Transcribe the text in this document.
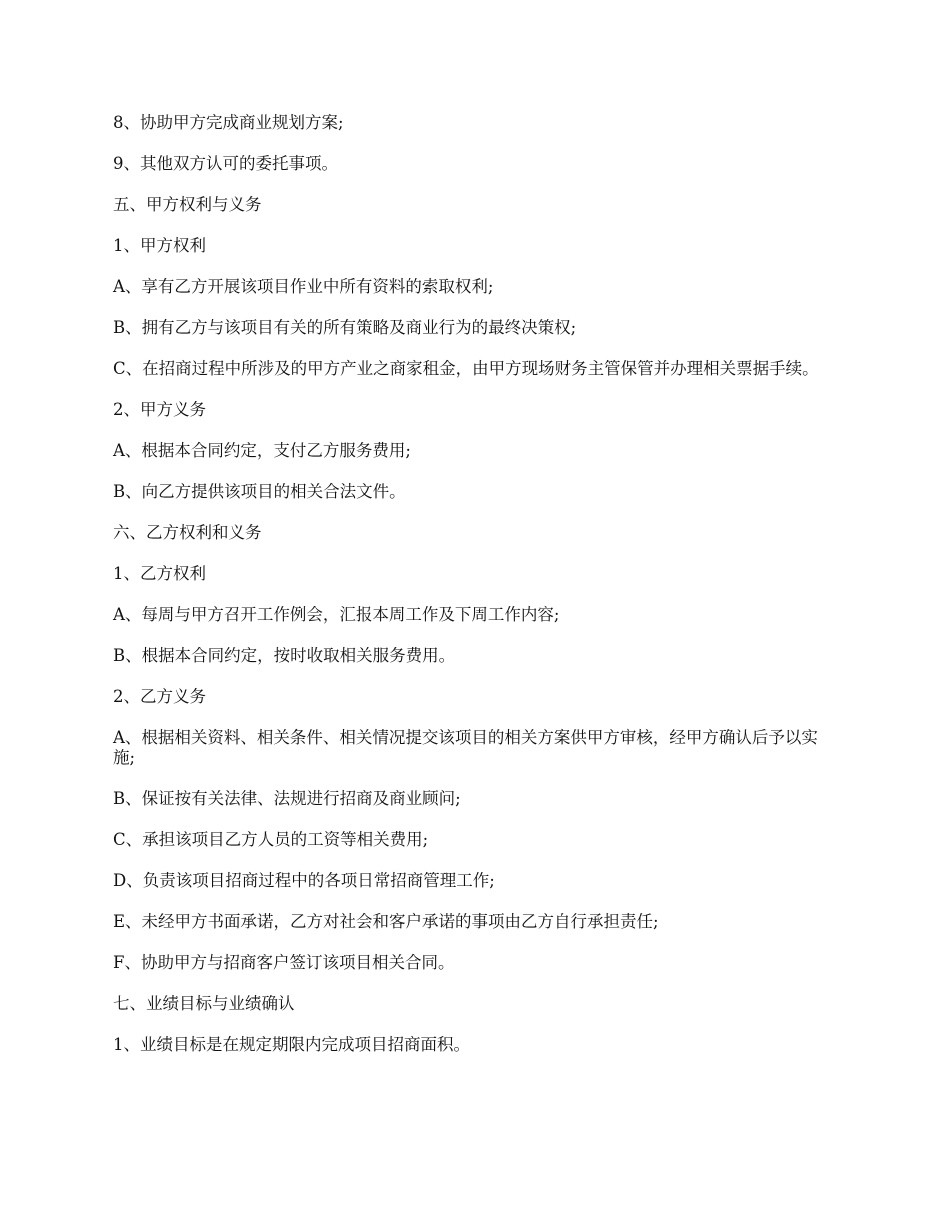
8、协助甲方完成商业规划方案;

9、其他双方认可的委托事项。

五、甲方权利与义务

1、甲方权利

A、享有乙方开展该项目作业中所有资料的索取权利;

B、拥有乙方与该项目有关的所有策略及商业行为的最终决策权;

C、在招商过程中所涉及的甲方产业之商家租金，由甲方现场财务主管保管并办理相关票据手续。

2、甲方义务

A、根据本合同约定，支付乙方服务费用;

B、向乙方提供该项目的相关合法文件。

六、乙方权利和义务

1、乙方权利

A、每周与甲方召开工作例会，汇报本周工作及下周工作内容;

B、根据本合同约定，按时收取相关服务费用。

2、乙方义务

A、根据相关资料、相关条件、相关情况提交该项目的相关方案供甲方审核，经甲方确认后予以实施;

B、保证按有关法律、法规进行招商及商业顾问;

C、承担该项目乙方人员的工资等相关费用;

D、负责该项目招商过程中的各项日常招商管理工作;

E、未经甲方书面承诺，乙方对社会和客户承诺的事项由乙方自行承担责任;

F、协助甲方与招商客户签订该项目相关合同。

七、业绩目标与业绩确认

1、业绩目标是在规定期限内完成项目招商面积。
